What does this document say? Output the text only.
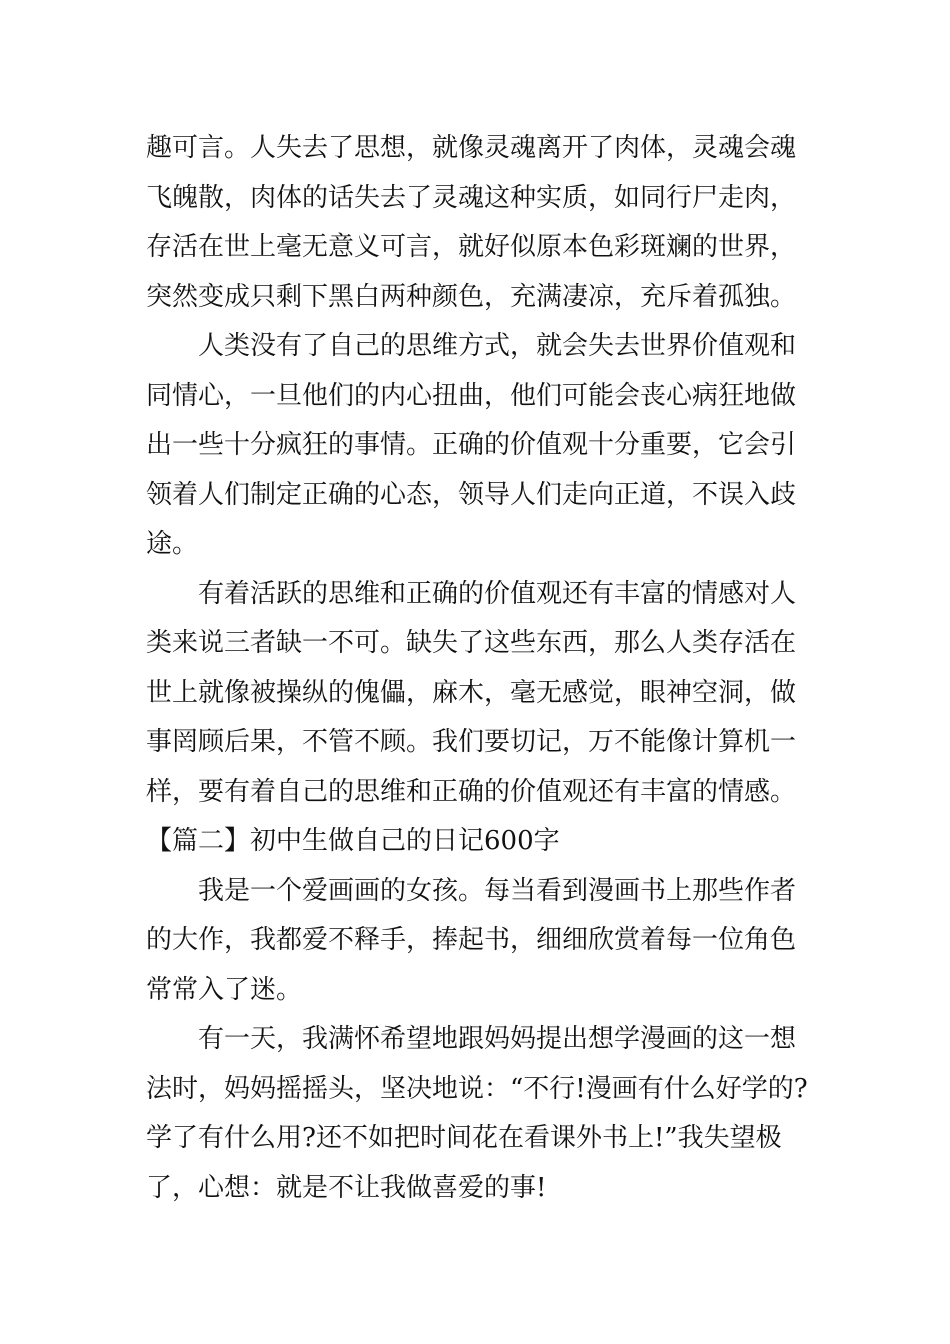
趣可言。人失去了思想，就像灵魂离开了肉体，灵魂会魂
飞魄散，肉体的话失去了灵魂这种实质，如同行尸走肉，
存活在世上毫无意义可言，就好似原本色彩斑斓的世界，
突然变成只剩下黑白两种颜色，充满凄凉，充斥着孤独。
人类没有了自己的思维方式，就会失去世界价值观和
同情心，一旦他们的内心扭曲，他们可能会丧心病狂地做
出一些十分疯狂的事情。正确的价值观十分重要，它会引
领着人们制定正确的心态，领导人们走向正道，不误入歧
途。
有着活跃的思维和正确的价值观还有丰富的情感对人
类来说三者缺一不可。缺失了这些东西，那么人类存活在
世上就像被操纵的傀儡，麻木，毫无感觉，眼神空洞，做
事罔顾后果，不管不顾。我们要切记，万不能像计算机一
样，要有着自己的思维和正确的价值观还有丰富的情感。
【篇二】初中生做自己的日记600字
我是一个爱画画的女孩。每当看到漫画书上那些作者
的大作，我都爱不释手，捧起书，细细欣赏着每一位角色
常常入了迷。
有一天，我满怀希望地跟妈妈提出想学漫画的这一想
法时，妈妈摇摇头，坚决地说：“不行!漫画有什么好学的?
学了有什么用?还不如把时间花在看课外书上!”我失望极
了，心想：就是不让我做喜爱的事!
